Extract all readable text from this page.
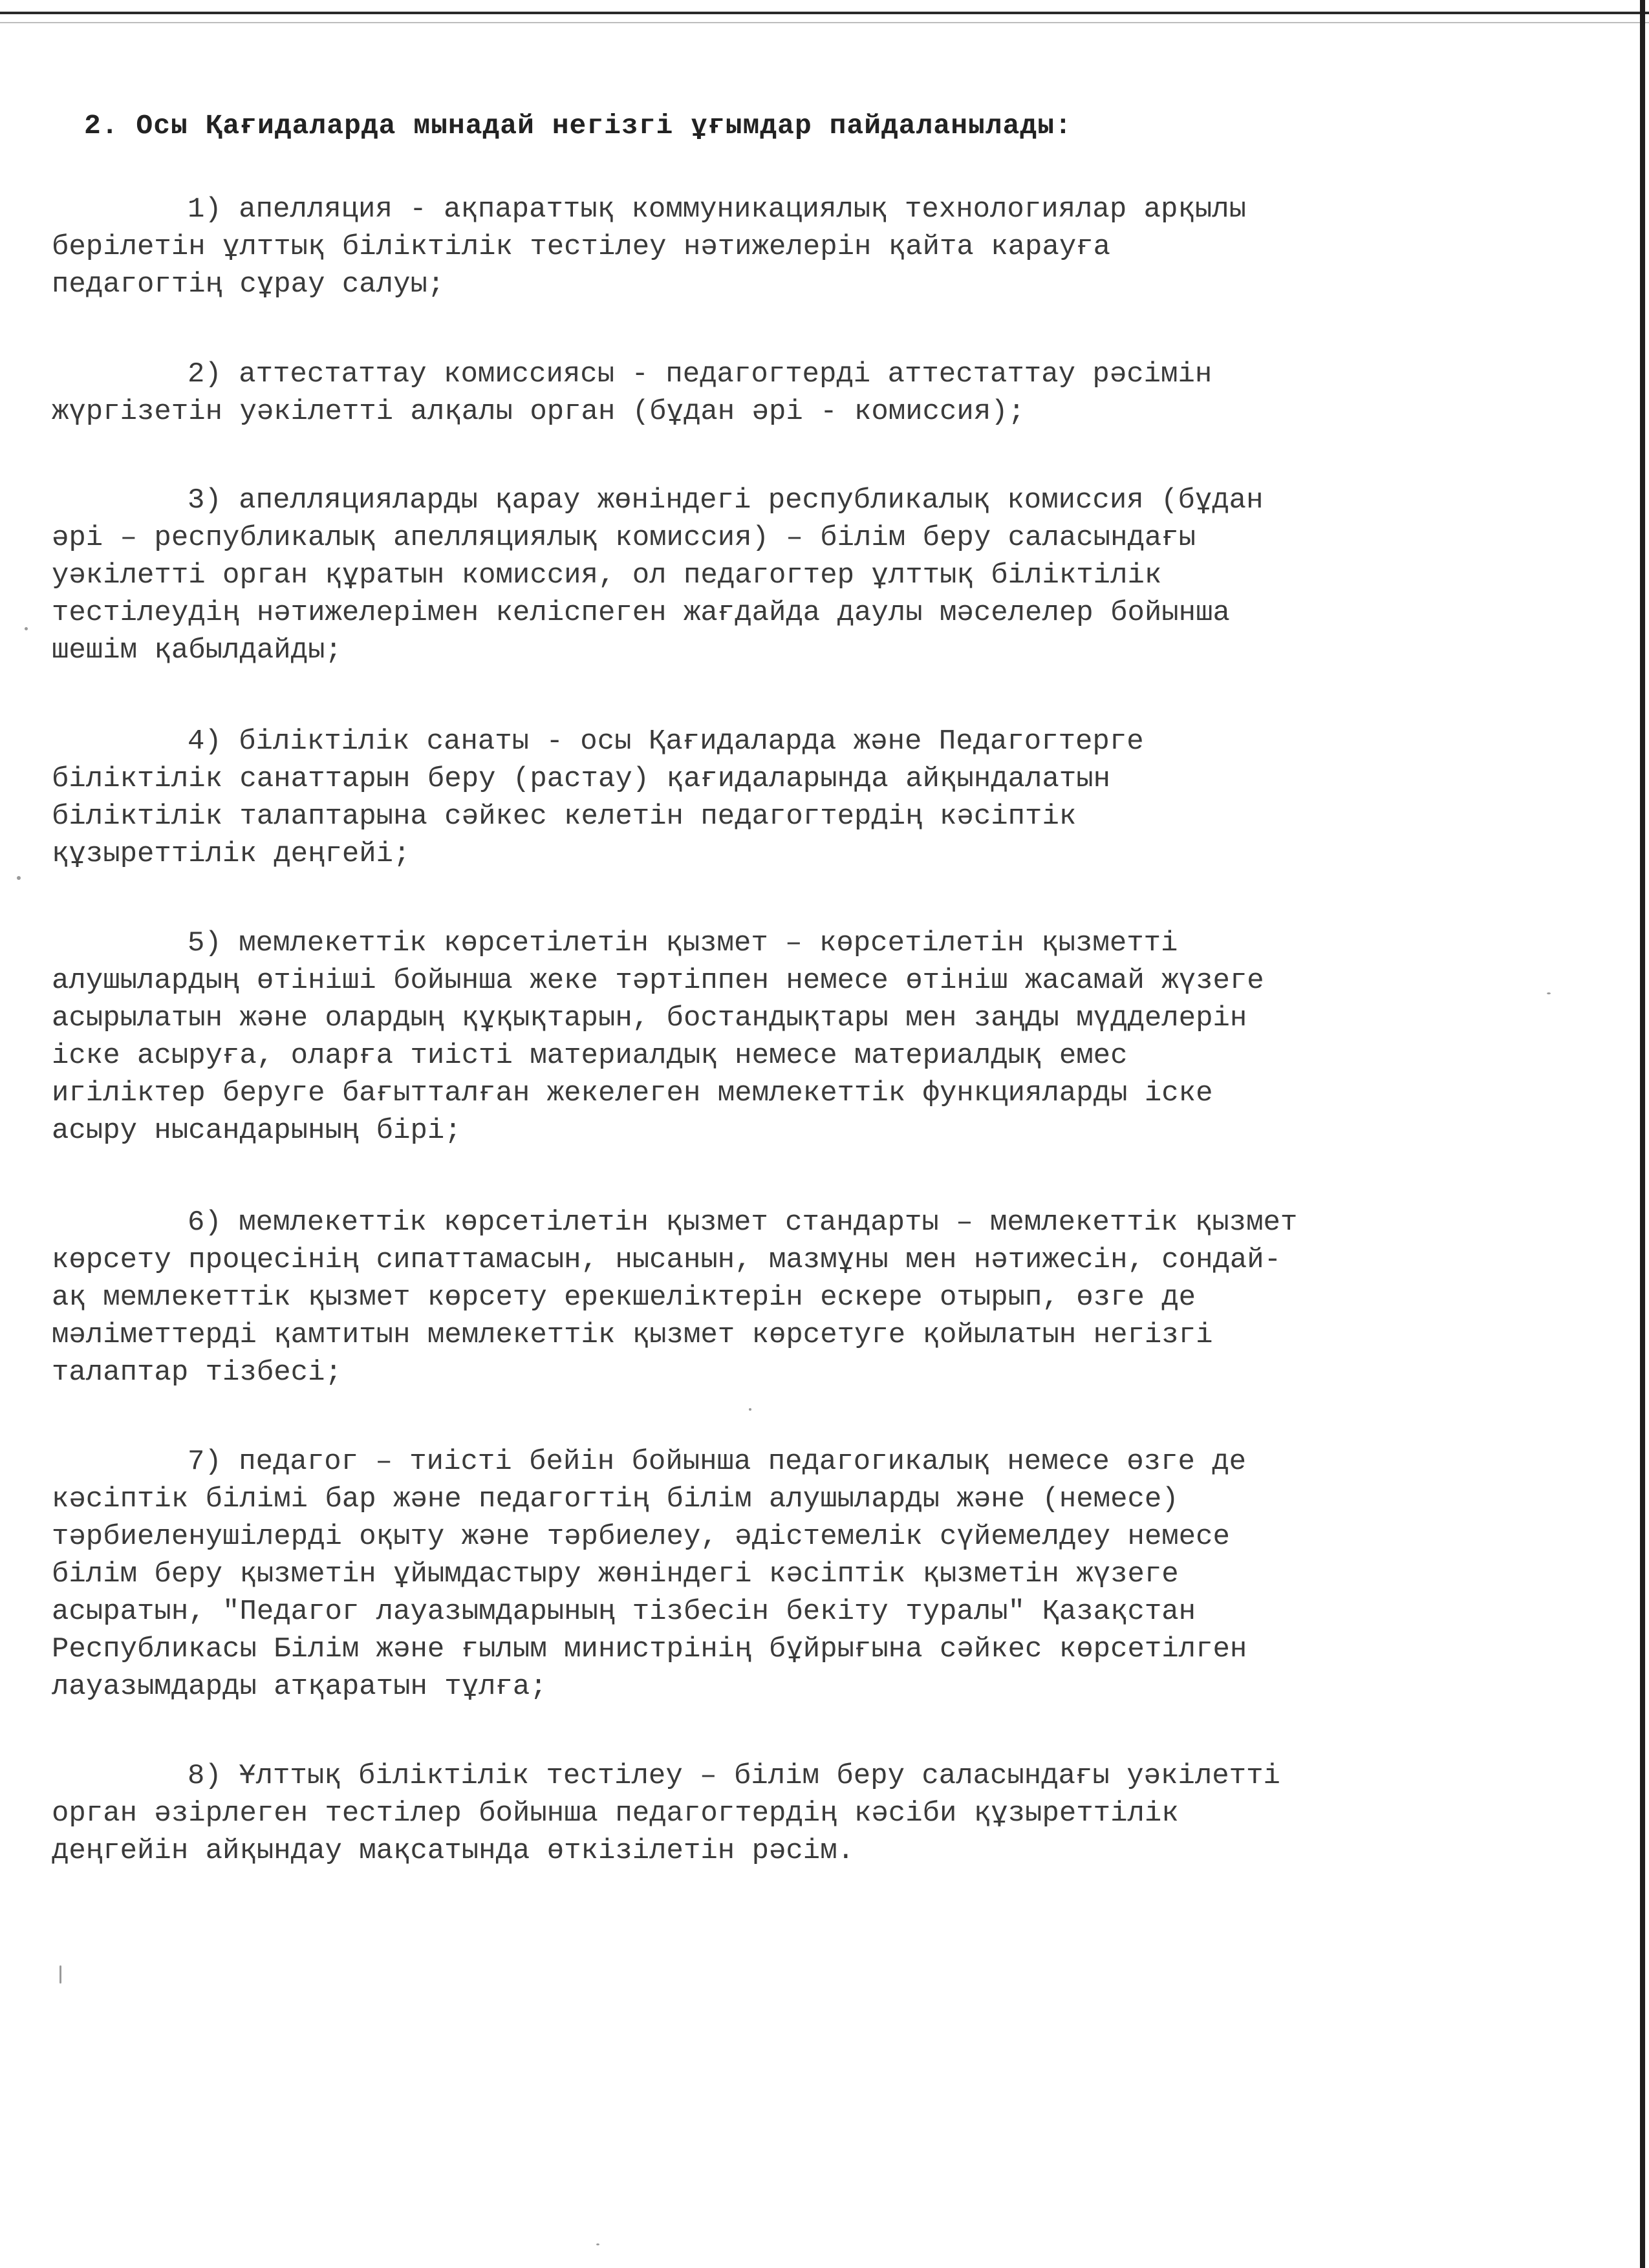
2. Осы Қағидаларда мынадай негізгі ұғымдар пайдаланылады:
1) апелляция - ақпараттық коммуникациялық технологиялар арқылы
берілетін ұлттық біліктілік тестілеу нәтижелерін қайта карауға
педагогтің сұрау салуы;
2) аттестаттау комиссиясы - педагогтерді аттестаттау рәсімін
жүргізетін уәкілетті алқалы орган (бұдан әрі - комиссия);
3) апелляцияларды қарау жөніндегі республикалық комиссия (бұдан
әрі – республикалық апелляциялық комиссия) – білім беру саласындағы
уәкілетті орган құратын комиссия, ол педагогтер ұлттық біліктілік
тестілеудің нәтижелерімен келіспеген жағдайда даулы мәселелер бойынша
шешім қабылдайды;
4) біліктілік санаты - осы Қағидаларда және Педагогтерге
біліктілік санаттарын беру (растау) қағидаларында айқындалатын
біліктілік талаптарына сәйкес келетін педагогтердің кәсіптік
құзыреттілік деңгейі;
5) мемлекеттік көрсетілетін қызмет – көрсетілетін қызметті
алушылардың өтініші бойынша жеке тәртіппен немесе өтініш жасамай жүзеге
асырылатын және олардың құқықтарын, бостандықтары мен заңды мүдделерін
іске асыруға, оларға тиісті материалдық немесе материалдық емес
игіліктер беруге бағытталған жекелеген мемлекеттік функцияларды іске
асыру нысандарының бірі;
6) мемлекеттік көрсетілетін қызмет стандарты – мемлекеттік қызмет
көрсету процесінің сипаттамасын, нысанын, мазмұны мен нәтижесін, сондай-
ақ мемлекеттік қызмет көрсету ерекшеліктерін ескере отырып, өзге де
мәліметтерді қамтитын мемлекеттік қызмет көрсетуге қойылатын негізгі
талаптар тізбесі;
7) педагог – тиісті бейін бойынша педагогикалық немесе өзге де
кәсіптік білімі бар және педагогтің білім алушыларды және (немесе)
тәрбиеленушілерді оқыту және тәрбиелеу, әдістемелік сүйемелдеу немесе
білім беру қызметін ұйымдастыру жөніндегі кәсіптік қызметін жүзеге
асыратын, "Педагог лауазымдарының тізбесін бекіту туралы" Қазақстан
Республикасы Білім және ғылым министрінің бұйрығына сәйкес көрсетілген
лауазымдарды атқаратын тұлға;
8) Ұлттық біліктілік тестілеу – білім беру саласындағы уәкілетті
орган әзірлеген тестілер бойынша педагогтердің кәсіби құзыреттілік
деңгейін айқындау мақсатында өткізілетін рәсім.
